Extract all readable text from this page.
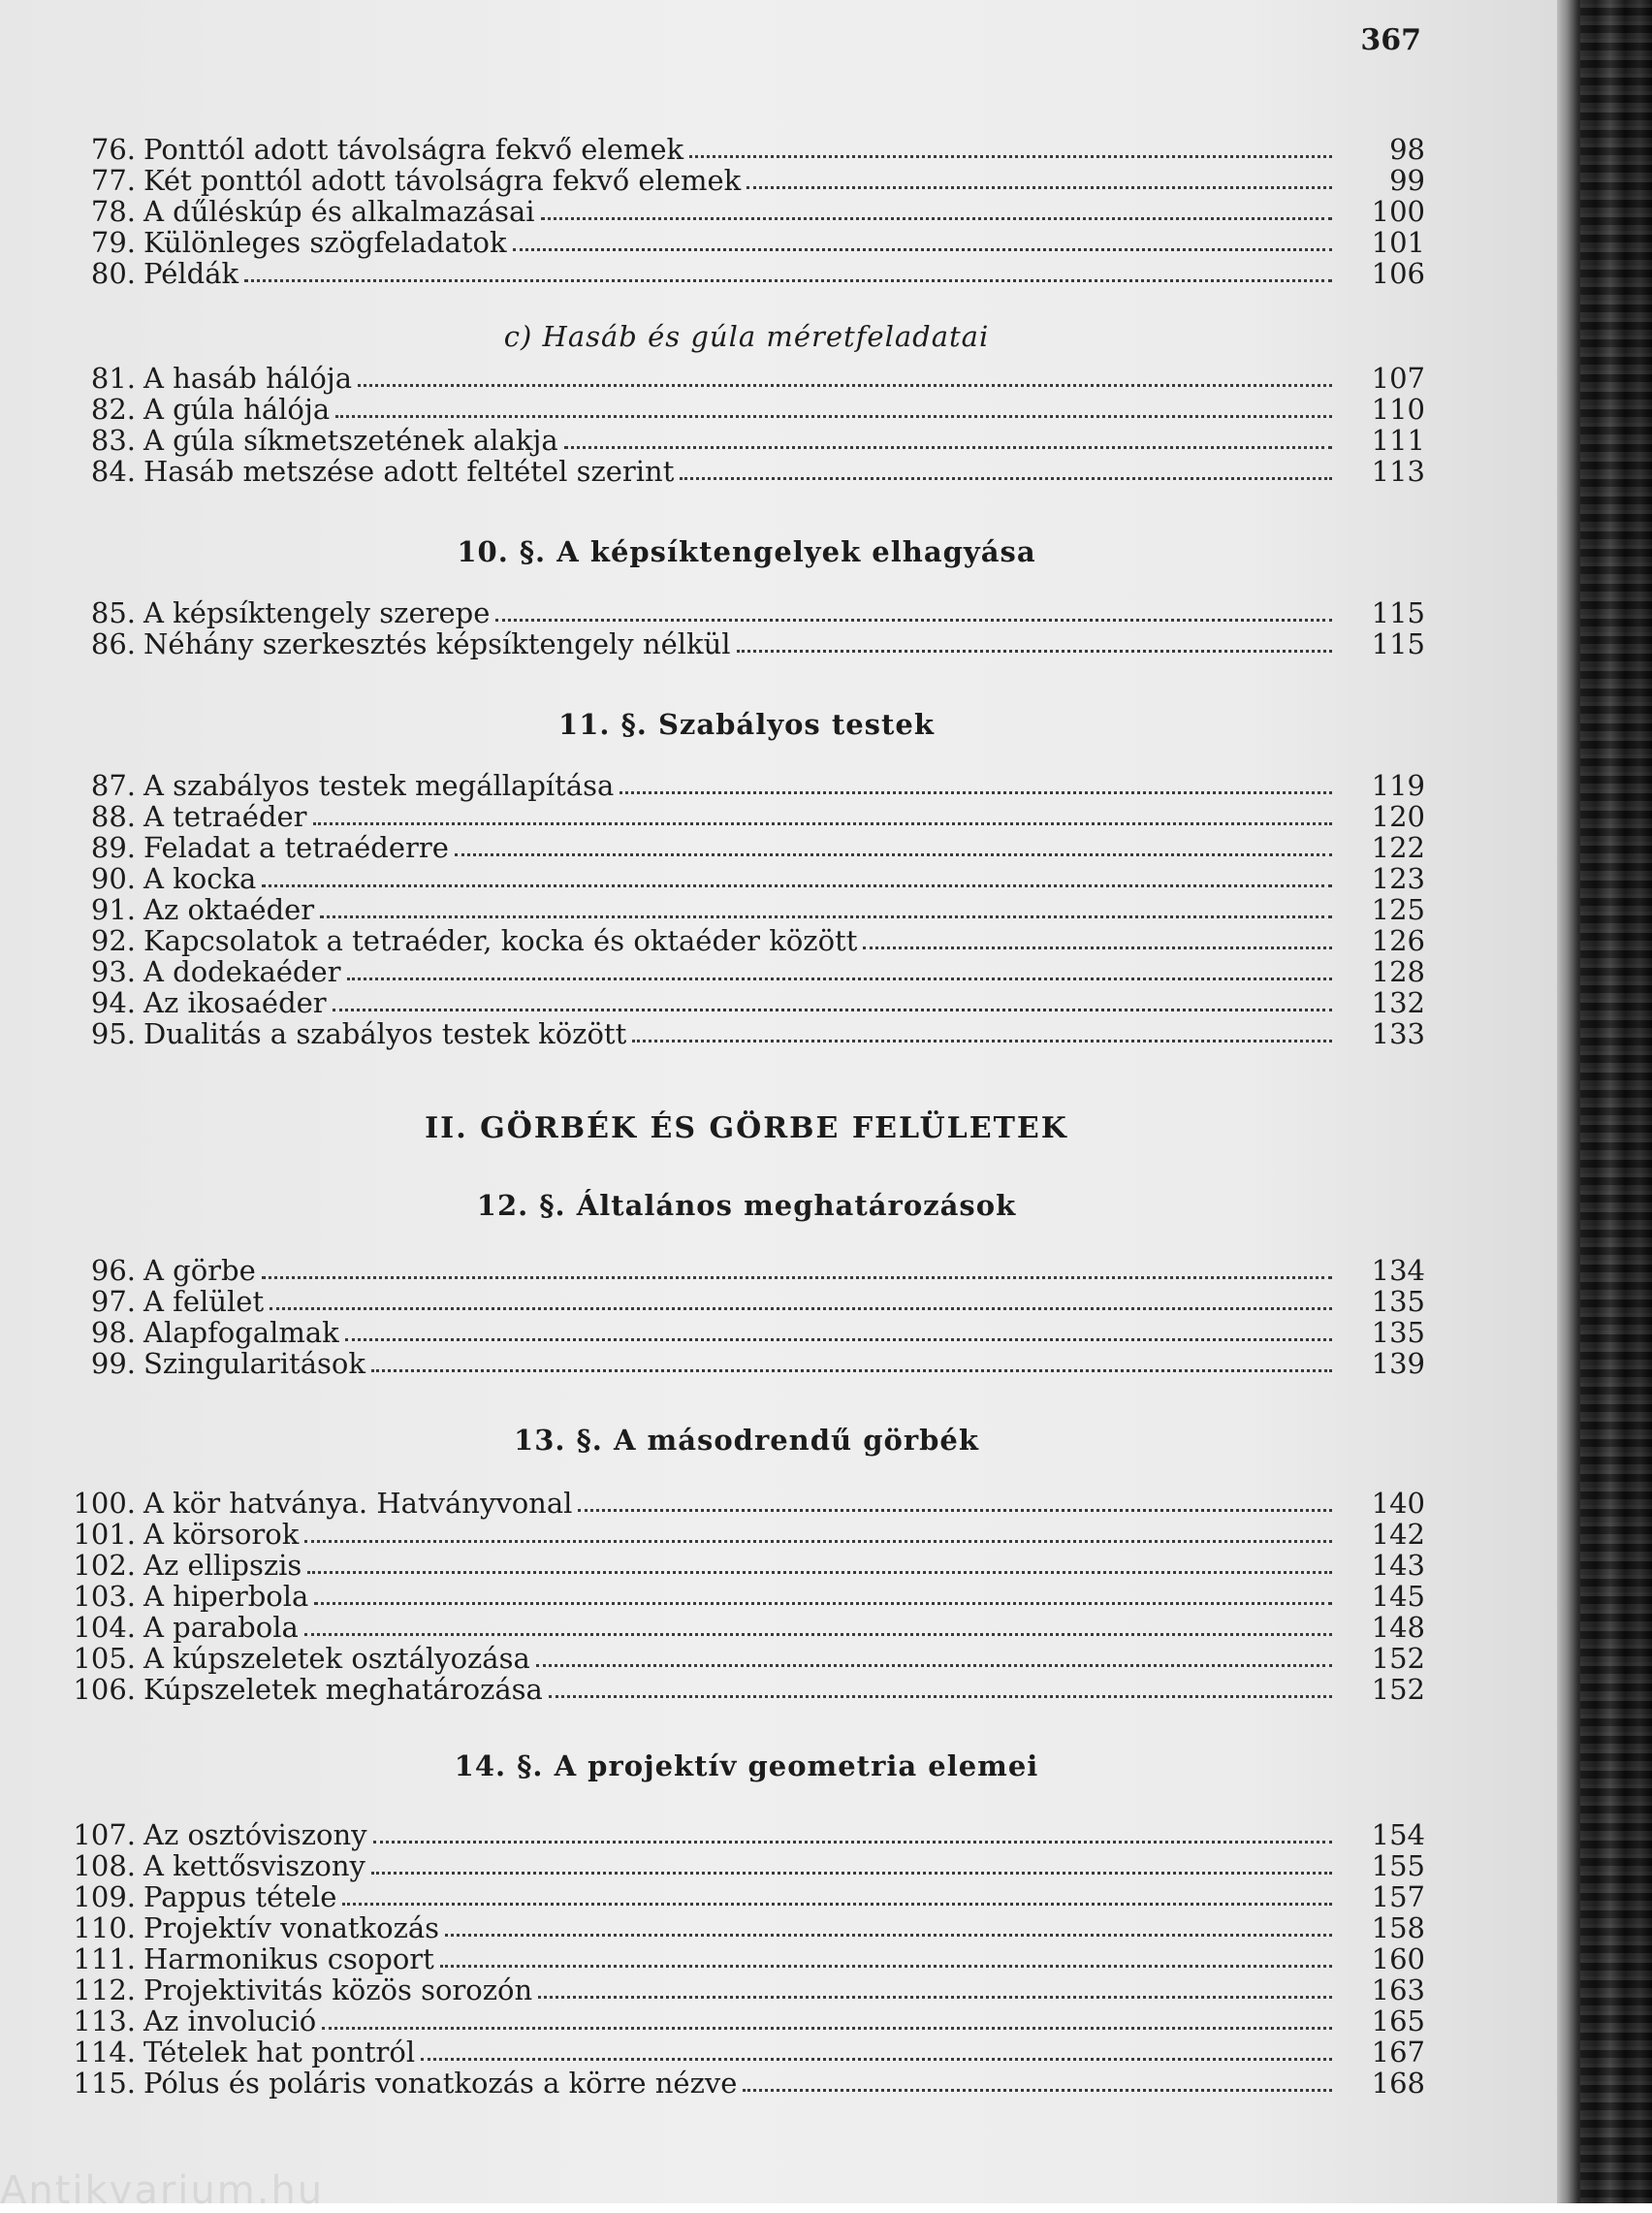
367
76. Ponttól adott távolságra fekvő elemek	98
77. Két ponttól adott távolságra fekvő elemek	99
78. A dűléskúp és alkalmazásai	100
79. Különleges szögfeladatok	101
80. Példák	106
c) Hasáb és gúla méretfeladatai
81. A hasáb hálója	107
82. A gúla hálója	110
83. A gúla síkmetszetének alakja	111
84. Hasáb metszése adott feltétel szerint	113
10. §. A képsíktengelyek elhagyása
85. A képsíktengely szerepe	115
86. Néhány szerkesztés képsíktengely nélkül	115
11. §. Szabályos testek
87. A szabályos testek megállapítása	119
88. A tetraéder	120
89. Feladat a tetraéderre	122
90. A kocka	123
91. Az oktaéder	125
92. Kapcsolatok a tetraéder, kocka és oktaéder között	126
93. A dodekaéder	128
94. Az ikosaéder	132
95. Dualitás a szabályos testek között	133
II. GÖRBÉK ÉS GÖRBE FELÜLETEK
12. §. Általános meghatározások
96. A görbe	134
97. A felület	135
98. Alapfogalmak	135
99. Szingularitások	139
13. §. A másodrendű görbék
100. A kör hatványa. Hatványvonal	140
101. A körsorok	142
102. Az ellipszis	143
103. A hiperbola	145
104. A parabola	148
105. A kúpszeletek osztályozása	152
106. Kúpszeletek meghatározása	152
14. §. A projektív geometria elemei
107. Az osztóviszony	154
108. A kettősviszony	155
109. Pappus tétele	157
110. Projektív vonatkozás	158
111. Harmonikus csoport	160
112. Projektivitás közös sorozón	163
113. Az involució	165
114. Tételek hat pontról	167
115. Pólus és poláris vonatkozás a körre nézve	168
Antikvarium.hu
